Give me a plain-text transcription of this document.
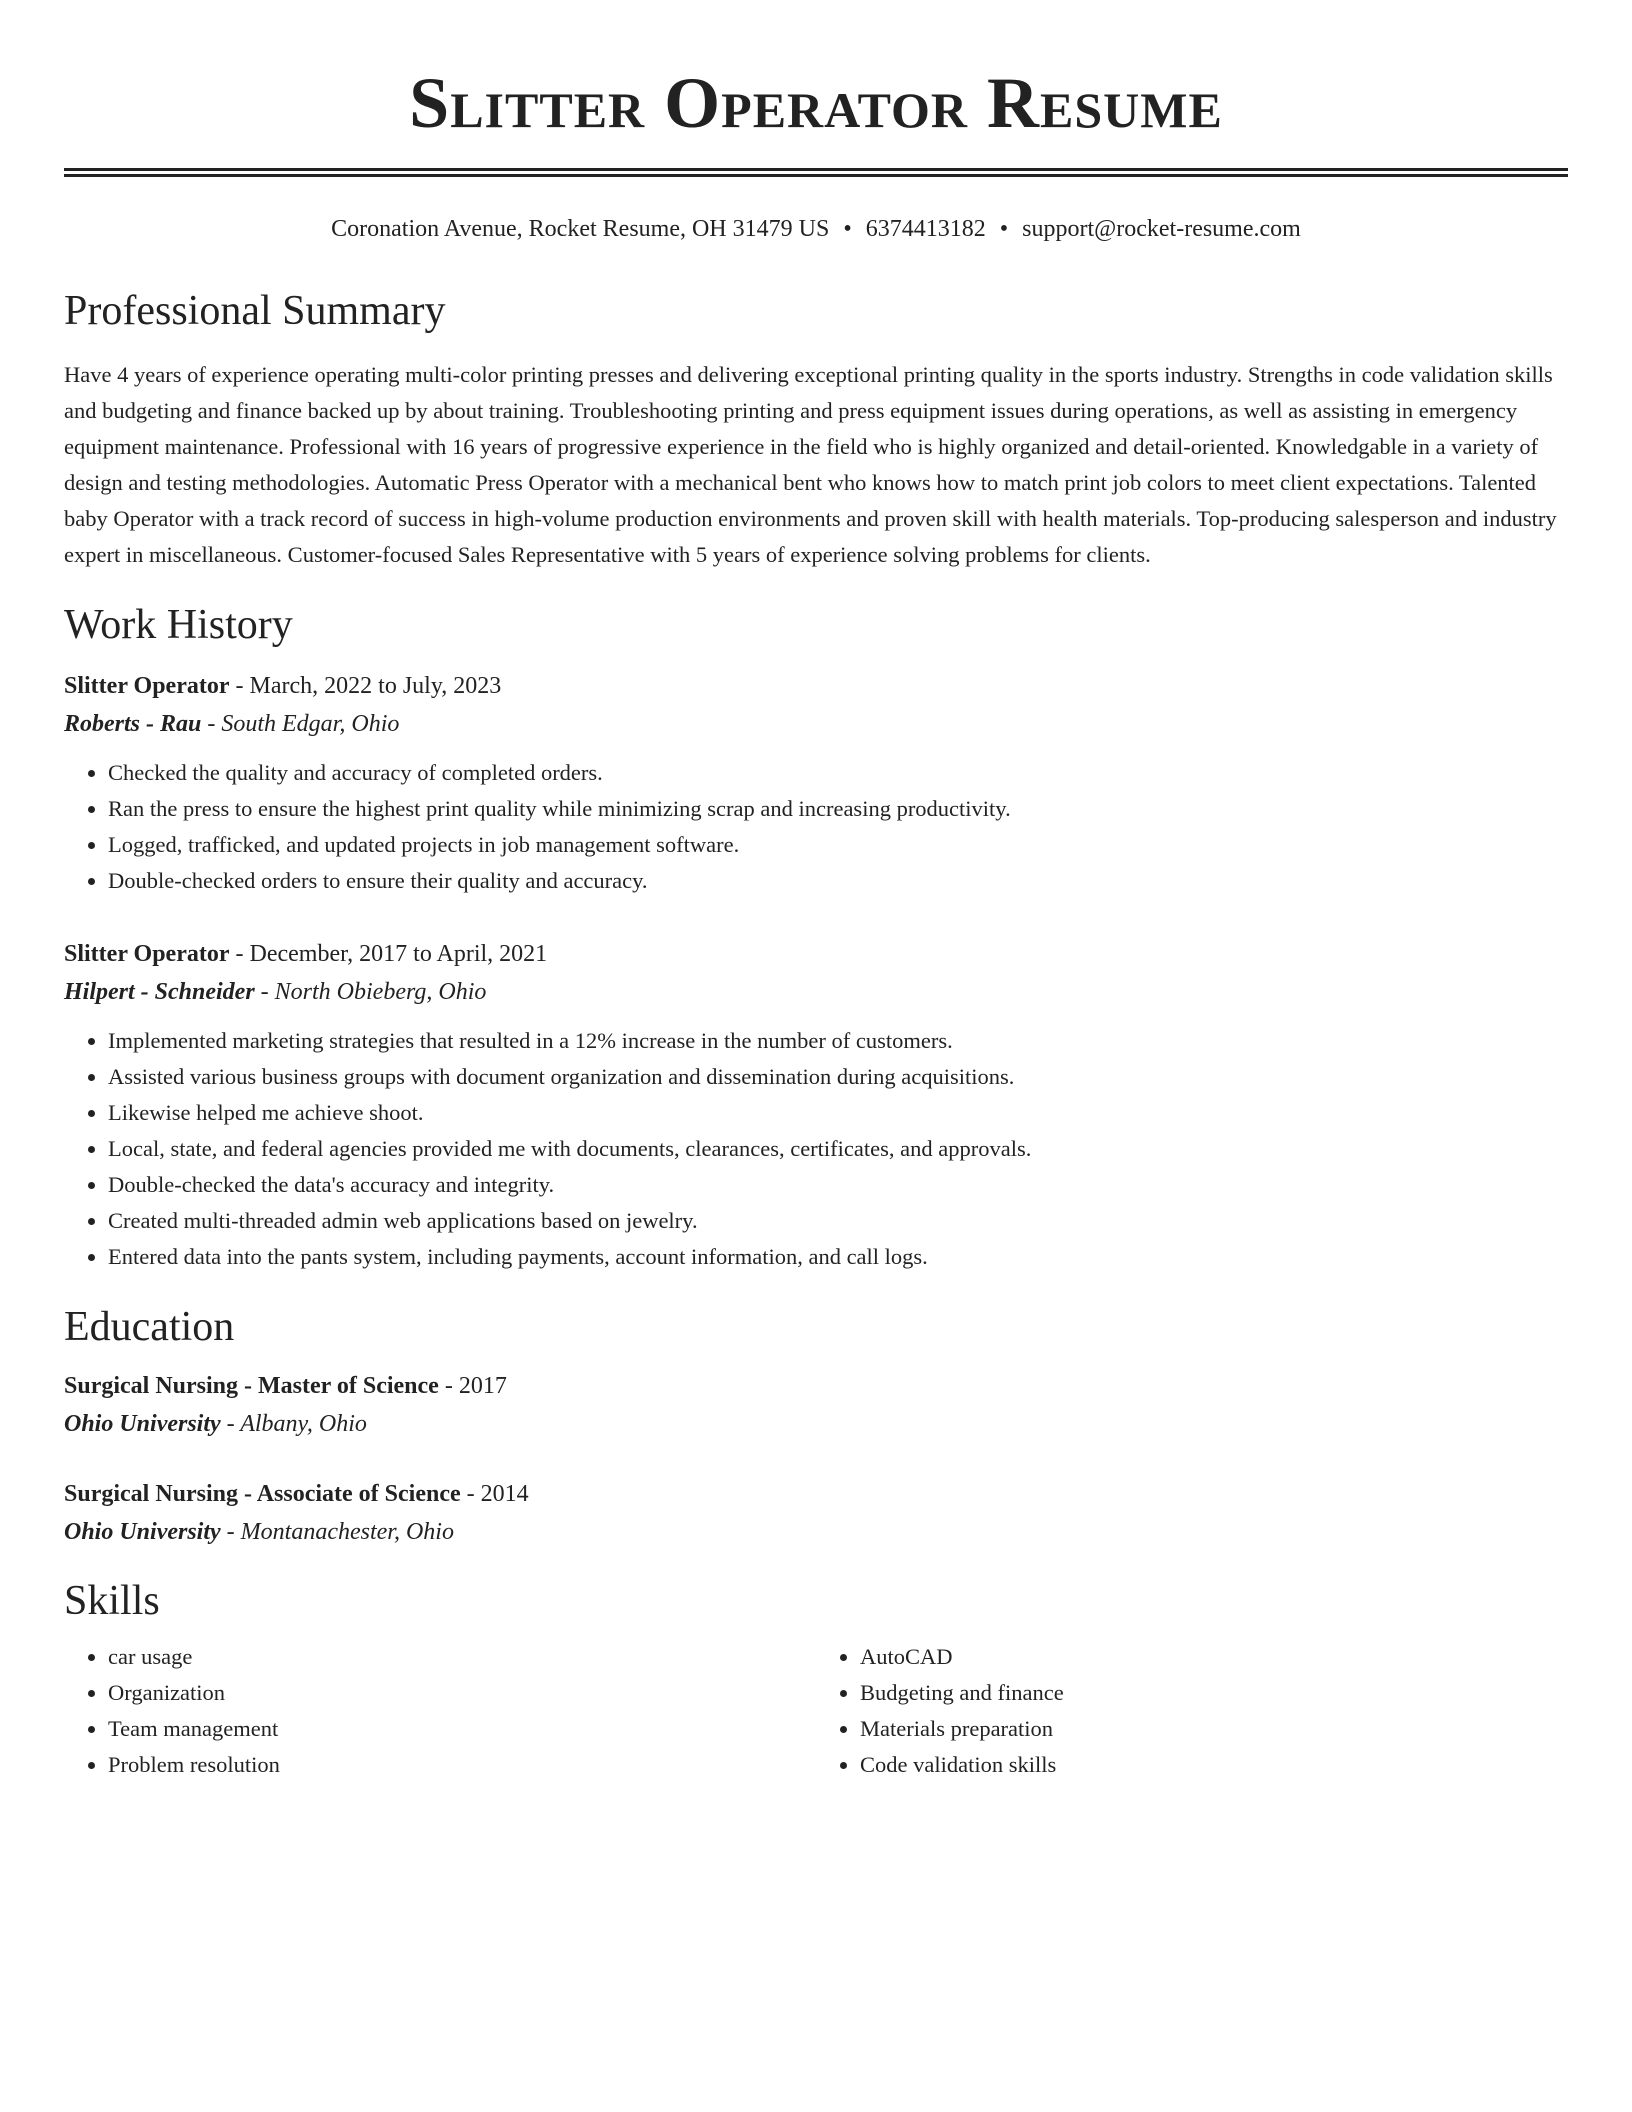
Slitter Operator Resume
Coronation Avenue, Rocket Resume, OH 31479 US • 6374413182 • support@rocket-resume.com
Professional Summary
Have 4 years of experience operating multi-color printing presses and delivering exceptional printing quality in the sports industry. Strengths in code validation skills and budgeting and finance backed up by about training. Troubleshooting printing and press equipment issues during operations, as well as assisting in emergency equipment maintenance. Professional with 16 years of progressive experience in the field who is highly organized and detail-oriented. Knowledgable in a variety of design and testing methodologies. Automatic Press Operator with a mechanical bent who knows how to match print job colors to meet client expectations. Talented baby Operator with a track record of success in high-volume production environments and proven skill with health materials. Top-producing salesperson and industry expert in miscellaneous. Customer-focused Sales Representative with 5 years of experience solving problems for clients.
Work History
Slitter Operator - March, 2022 to July, 2023
Roberts - Rau - South Edgar, Ohio
• Checked the quality and accuracy of completed orders.
• Ran the press to ensure the highest print quality while minimizing scrap and increasing productivity.
• Logged, trafficked, and updated projects in job management software.
• Double-checked orders to ensure their quality and accuracy.
Slitter Operator - December, 2017 to April, 2021
Hilpert - Schneider - North Obieberg, Ohio
• Implemented marketing strategies that resulted in a 12% increase in the number of customers.
• Assisted various business groups with document organization and dissemination during acquisitions.
• Likewise helped me achieve shoot.
• Local, state, and federal agencies provided me with documents, clearances, certificates, and approvals.
• Double-checked the data's accuracy and integrity.
• Created multi-threaded admin web applications based on jewelry.
• Entered data into the pants system, including payments, account information, and call logs.
Education
Surgical Nursing - Master of Science - 2017
Ohio University - Albany, Ohio
Surgical Nursing - Associate of Science - 2014
Ohio University - Montanachester, Ohio
Skills
• car usage
• Organization
• Team management
• Problem resolution
• AutoCAD
• Budgeting and finance
• Materials preparation
• Code validation skills
